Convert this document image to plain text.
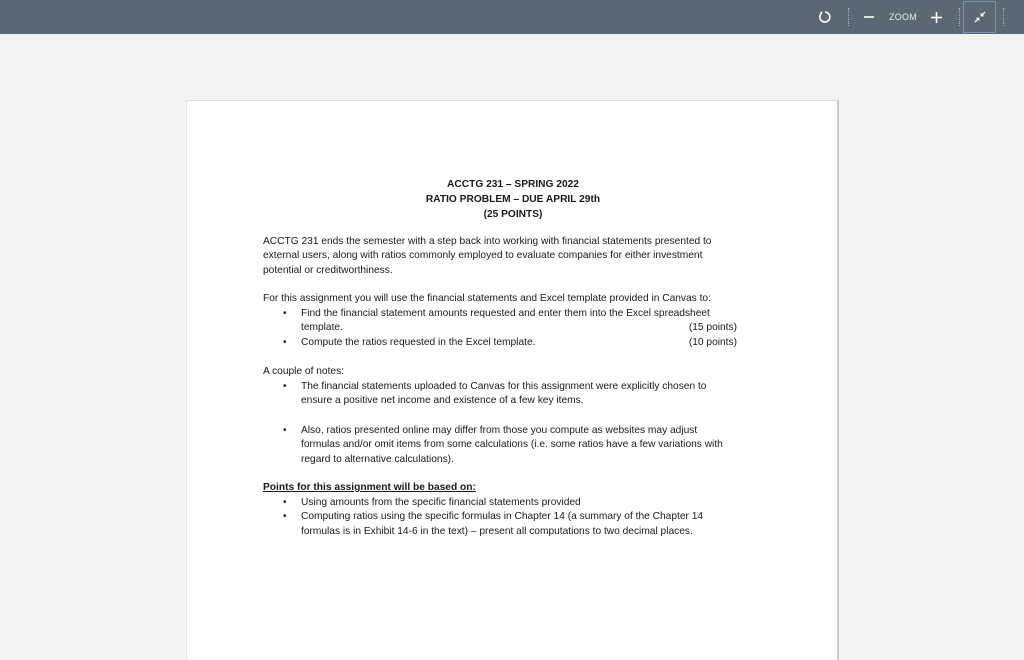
ZOOM
ACCTG 231 – SPRING 2022
RATIO PROBLEM – DUE APRIL 29th
(25 POINTS)
ACCTG 231 ends the semester with a step back into working with financial statements presented to
external users, along with ratios commonly employed to evaluate companies for either investment
potential or creditworthiness.
For this assignment you will use the financial statements and Excel template provided in Canvas to:
• Find the financial statement amounts requested and enter them into the Excel spreadsheet
template.	(15 points)
• Compute the ratios requested in the Excel template.	(10 points)
A couple of notes:
• The financial statements uploaded to Canvas for this assignment were explicitly chosen to
ensure a positive net income and existence of a few key items.
• Also, ratios presented online may differ from those you compute as websites may adjust
formulas and/or omit items from some calculations (i.e. some ratios have a few variations with
regard to alternative calculations).
Points for this assignment will be based on:
• Using amounts from the specific financial statements provided
• Computing ratios using the specific formulas in Chapter 14 (a summary of the Chapter 14
formulas is in Exhibit 14-6 in the text) – present all computations to two decimal places.
